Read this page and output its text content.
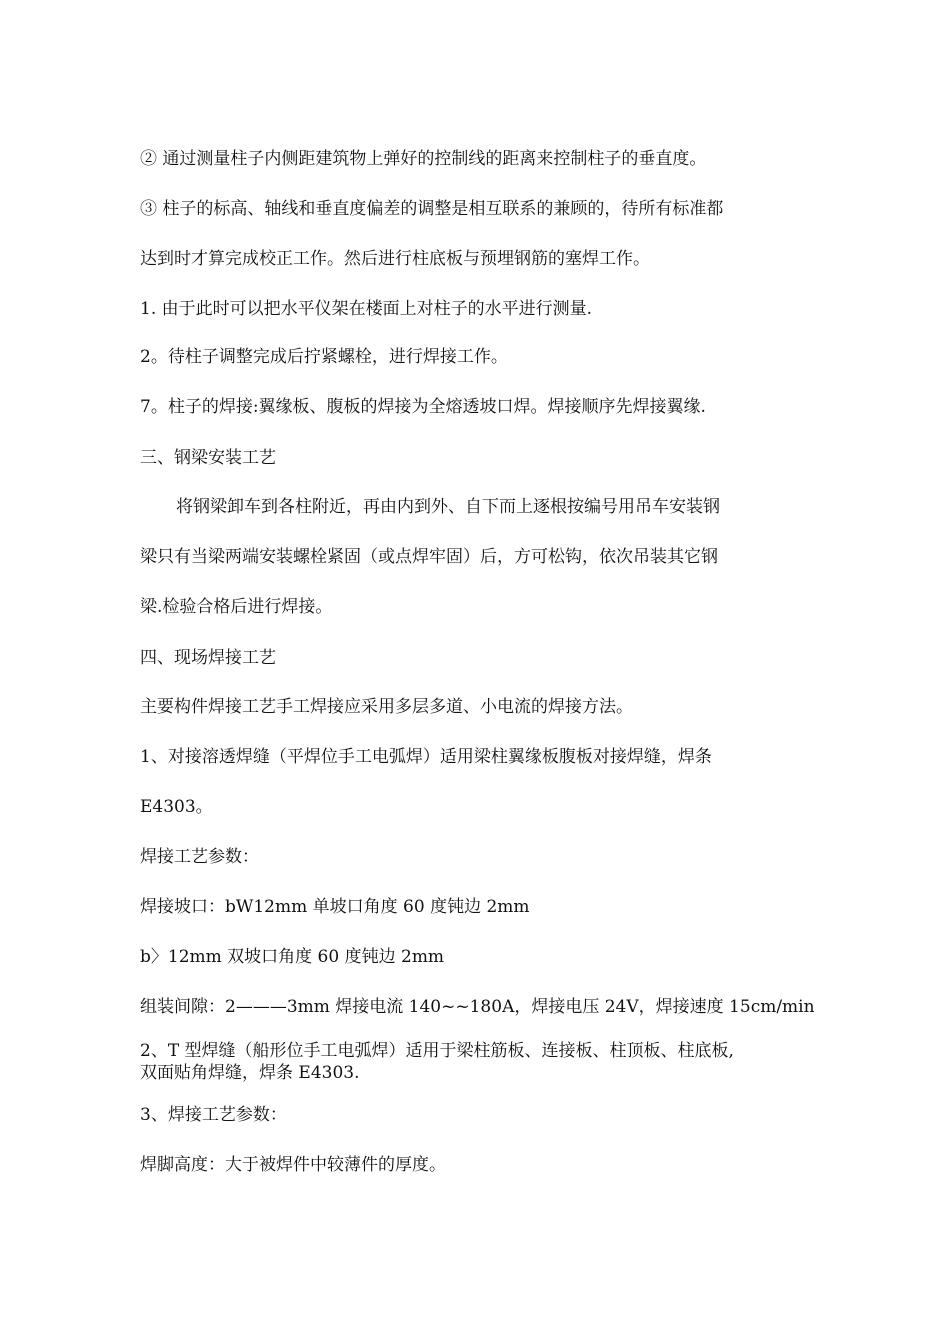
② 通过测量柱子内侧距建筑物上弹好的控制线的距离来控制柱子的垂直度。
③ 柱子的标高、轴线和垂直度偏差的调整是相互联系的兼顾的，待所有标准都
达到时才算完成校正工作。然后进行柱底板与预埋钢筋的塞焊工作。
1. 由于此时可以把水平仪架在楼面上对柱子的水平进行测量.
2。待柱子调整完成后拧紧螺栓，进行焊接工作。
7。柱子的焊接:翼缘板、腹板的焊接为全熔透坡口焊。焊接顺序先焊接翼缘.
三、钢梁安装工艺
将钢梁卸车到各柱附近，再由内到外、自下而上逐根按编号用吊车安装钢
梁只有当梁两端安装螺栓紧固（或点焊牢固）后，方可松钩，依次吊装其它钢
梁.检验合格后进行焊接。
四、现场焊接工艺
主要构件焊接工艺手工焊接应采用多层多道、小电流的焊接方法。
1、对接溶透焊缝（平焊位手工电弧焊）适用梁柱翼缘板腹板对接焊缝，焊条
E4303。
焊接工艺参数：
焊接坡口：bW12mm 单坡口角度 60 度钝边 2mm
b〉12mm 双坡口角度 60 度钝边 2mm
组装间隙：2———3mm 焊接电流 140~~180A，焊接电压 24V，焊接速度 15cm/min
2、T 型焊缝（船形位手工电弧焊）适用于梁柱筋板、连接板、柱顶板、柱底板,
双面贴角焊缝，焊条 E4303.
3、焊接工艺参数：
焊脚高度：大于被焊件中较薄件的厚度。
